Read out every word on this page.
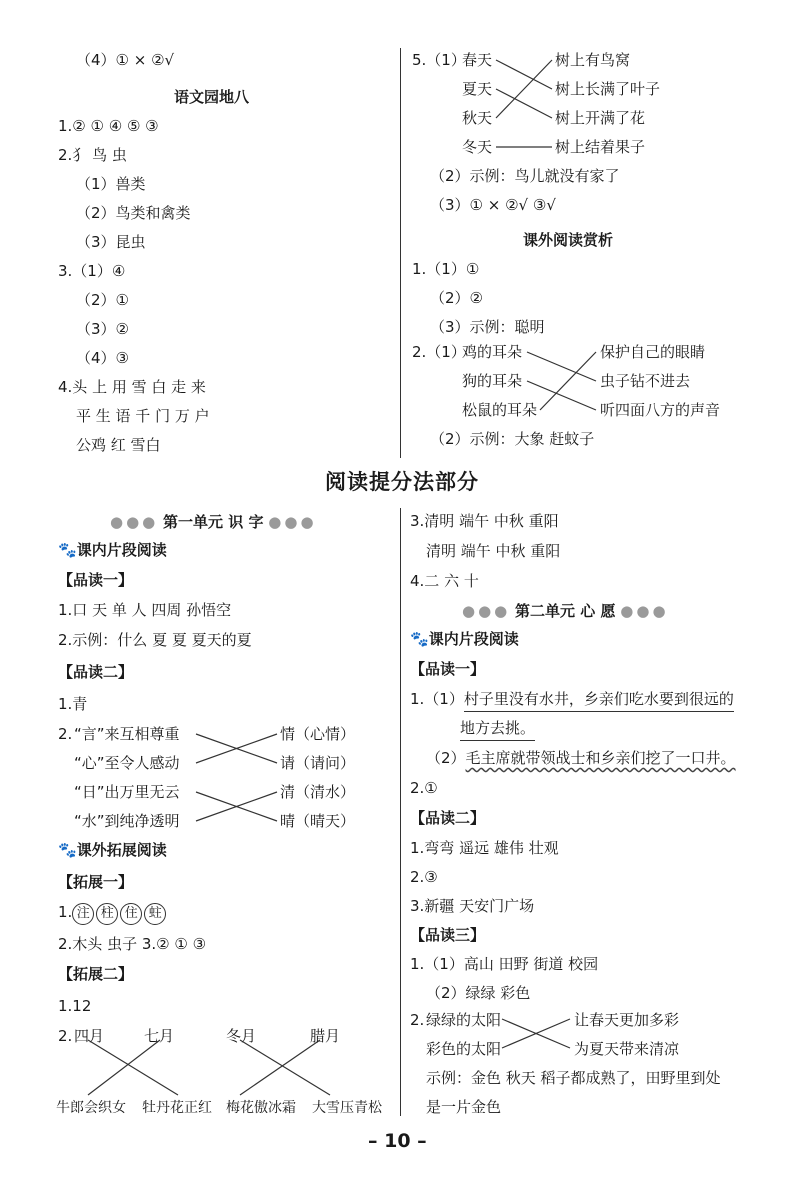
（4）① × ②√
语文园地八
1.② ① ④ ⑤ ③
2.犭 鸟 虫
（1）兽类
（2）鸟类和禽类
（3）昆虫
3.（1）④
（2）①
（3）②
（4）③
4.头 上 用 雪 白 走 来
平 生 语 千 门 万 户
公鸡 红 雪白
5.（1）
春天
夏天
秋天
冬天
树上有鸟窝
树上长满了叶子
树上开满了花
树上结着果子
（2）示例：鸟儿就没有家了
（3）① × ②√ ③√
课外阅读赏析
1.（1）①
（2）②
（3）示例：聪明
2.（1）
鸡的耳朵
狗的耳朵
松鼠的耳朵
保护自己的眼睛
虫子钻不进去
听四面八方的声音
（2）示例：大象 赶蚊子
阅读提分法部分
●●● 第一单元 识 字 ●●●
🐾课内片段阅读
【品读一】
1.口 天 单 人 四周 孙悟空
2.示例：什么 夏 夏 夏天的夏
【品读二】
1.青
2. “言”来互相尊重
“心”至令人感动
“日”出万里无云
“水”到纯净透明
情（心情）
请（请问）
清（清水）
晴（晴天）
🐾课外拓展阅读
【拓展一】
1. 注 柱 住 蛀
2.木头 虫子 3.② ① ③
【拓展二】
1.12
2. 四月	七月	冬月	腊月
牛郎会织女 牡丹花正红 梅花傲冰霜 大雪压青松
3.清明 端午 中秋 重阳
清明 端午 中秋 重阳
4.二 六 十
●●● 第二单元 心 愿 ●●●
🐾课内片段阅读
【品读一】
1.（1）村子里没有水井，乡亲们吃水要到很远的
地方去挑。
（2）毛主席就带领战士和乡亲们挖了一口井。
2.①
【品读二】
1.弯弯 遥远 雄伟 壮观
2.③
3.新疆 天安门广场
【品读三】
1.（1）高山 田野 街道 校园
（2）绿绿 彩色
2. 绿绿的太阳
彩色的太阳
让春天更加多彩
为夏天带来清凉
示例：金色 秋天 稻子都成熟了，田野里到处
是一片金色
– 10 –
